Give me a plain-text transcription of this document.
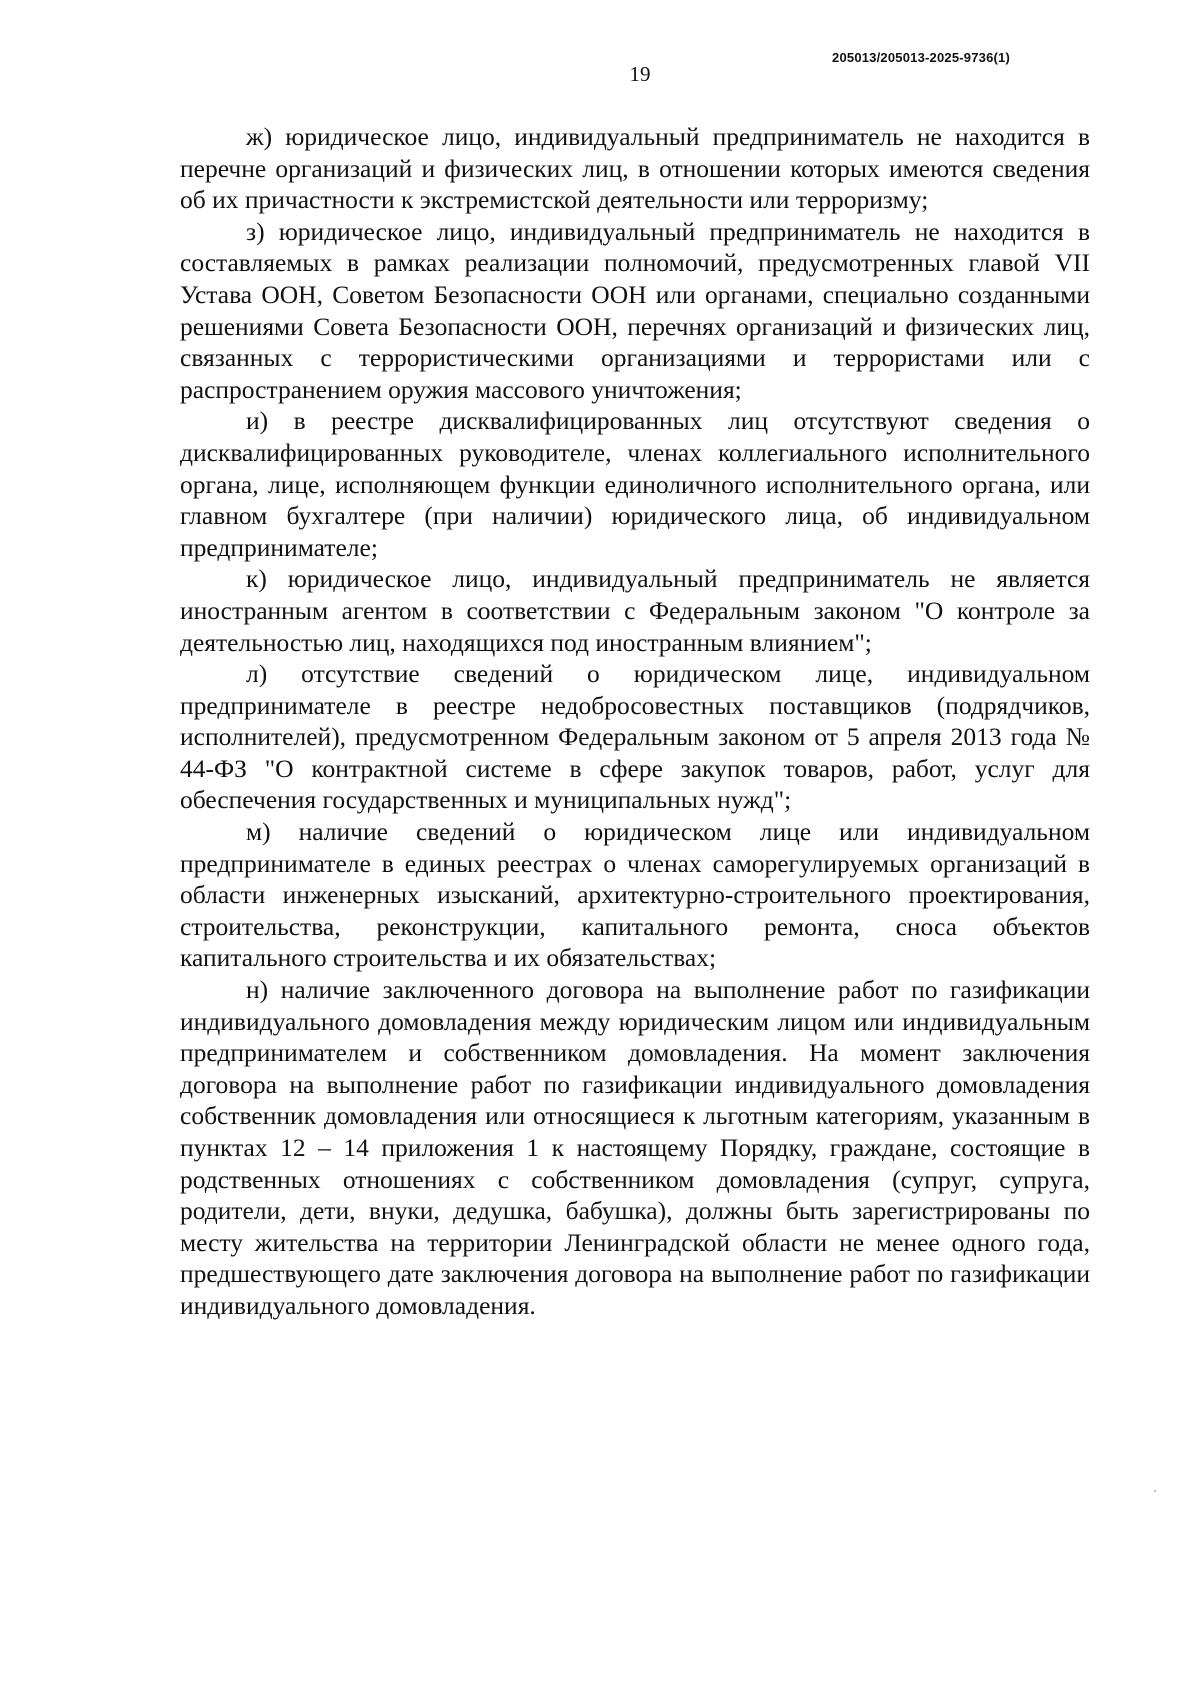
205013/205013-2025-9736(1)
19

ж) юридическое лицо, индивидуальный предприниматель не находится в перечне организаций и физических лиц, в отношении которых имеются сведения об их причастности к экстремистской деятельности или терроризму;

з) юридическое лицо, индивидуальный предприниматель не находится в составляемых в рамках реализации полномочий, предусмотренных главой VII Устава ООН, Советом Безопасности ООН или органами, специально созданными решениями Совета Безопасности ООН, перечнях организаций и физических лиц, связанных с террористическими организациями и террористами или с распространением оружия массового уничтожения;

и) в реестре дисквалифицированных лиц отсутствуют сведения о дисквалифицированных руководителе, членах коллегиального исполнительного органа, лице, исполняющем функции единоличного исполнительного органа, или главном бухгалтере (при наличии) юридического лица, об индивидуальном предпринимателе;

к) юридическое лицо, индивидуальный предприниматель не является иностранным агентом в соответствии с Федеральным законом "О контроле за деятельностью лиц, находящихся под иностранным влиянием";

л) отсутствие сведений о юридическом лице, индивидуальном предпринимателе в реестре недобросовестных поставщиков (подрядчиков, исполнителей), предусмотренном Федеральным законом от 5 апреля 2013 года № 44-ФЗ "О контрактной системе в сфере закупок товаров, работ, услуг для обеспечения государственных и муниципальных нужд";

м) наличие сведений о юридическом лице или индивидуальном предпринимателе в единых реестрах о членах саморегулируемых организаций в области инженерных изысканий, архитектурно-строительного проектирования, строительства, реконструкции, капитального ремонта, сноса объектов капитального строительства и их обязательствах;

н) наличие заключенного договора на выполнение работ по газификации индивидуального домовладения между юридическим лицом или индивидуальным предпринимателем и собственником домовладения. На момент заключения договора на выполнение работ по газификации индивидуального домовладения собственник домовладения или относящиеся к льготным категориям, указанным в пунктах 12 – 14 приложения 1 к настоящему Порядку, граждане, состоящие в родственных отношениях с собственником домовладения (супруг, супруга, родители, дети, внуки, дедушка, бабушка), должны быть зарегистрированы по месту жительства на территории Ленинградской области не менее одного года, предшествующего дате заключения договора на выполнение работ по газификации индивидуального домовладения.
